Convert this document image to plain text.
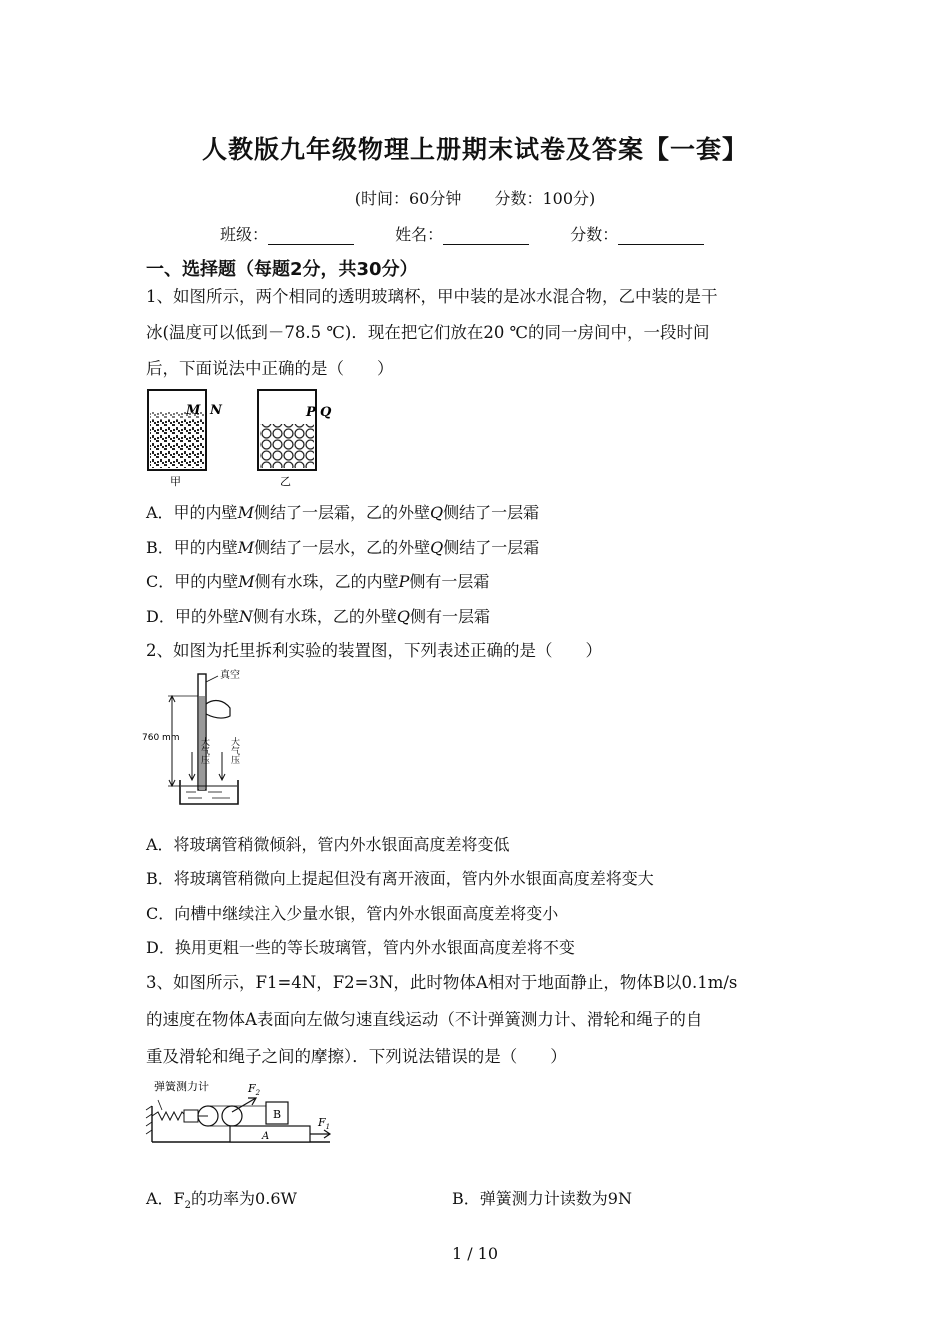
人教版九年级物理上册期末试卷及答案【一套】
(时间：60分钟 分数：100分)
班级：	姓名：	分数：
一、选择题（每题2分，共30分）
1、如图所示，两个相同的透明玻璃杯，甲中装的是冰水混合物，乙中装的是干
冰(温度可以低到－78.5 ℃)．现在把它们放在20 ℃的同一房间中，一段时间
后，下面说法中正确的是（　　）
M N
甲
P Q
乙
A．甲的内壁M侧结了一层霜，乙的外壁Q侧结了一层霜
B．甲的内壁M侧结了一层水，乙的外壁Q侧结了一层霜
C．甲的内壁M侧有水珠，乙的内壁P侧有一层霜
D．甲的外壁N侧有水珠，乙的外壁Q侧有一层霜
2、如图为托里拆利实验的装置图，下列表述正确的是（　　）
真空
760 mm 大气压 大气压
A．将玻璃管稍微倾斜，管内外水银面高度差将变低
B．将玻璃管稍微向上提起但没有离开液面，管内外水银面高度差将变大
C．向槽中继续注入少量水银，管内外水银面高度差将变小
D．换用更粗一些的等长玻璃管，管内外水银面高度差将不变
3、如图所示，F1=4N，F2=3N，此时物体A相对于地面静止，物体B以0.1m/s
的速度在物体A表面向左做匀速直线运动（不计弹簧测力计、滑轮和绳子的自
重及滑轮和绳子之间的摩擦）．下列说法错误的是（　　）
弹簧测力计	$F_2$
B
A
$F_1$
A．$F_2$的功率为0.6W	B．弹簧测力计读数为9N
1 / 10
